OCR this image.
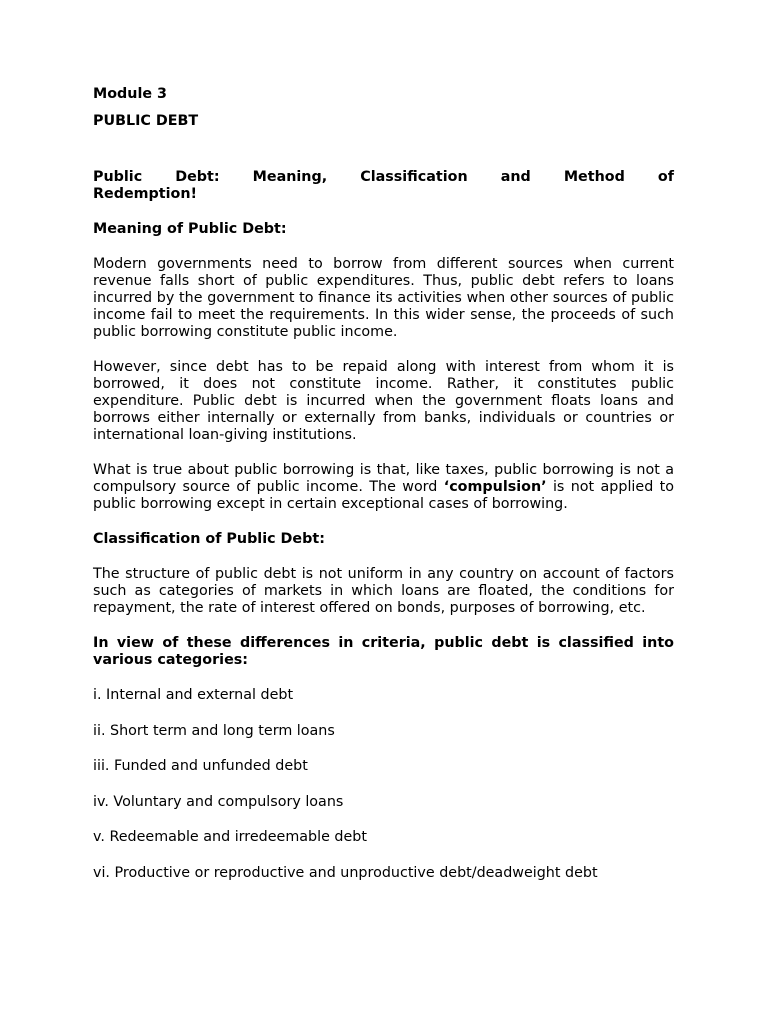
Module 3

PUBLIC DEBT

Public Debt: Meaning, Classification and Method of
Redemption!

Meaning of Public Debt:

Modern governments need to borrow from different sources when current revenue falls short of public expenditures. Thus, public debt refers to loans incurred by the government to finance its activities when other sources of public income fail to meet the requirements. In this wider sense, the proceeds of such public borrowing constitute public income.

However, since debt has to be repaid along with interest from whom it is borrowed, it does not constitute income. Rather, it constitutes public expenditure. Public debt is incurred when the government floats loans and borrows either internally or externally from banks, individuals or countries or international loan-giving institutions.

What is true about public borrowing is that, like taxes, public borrowing is not a compulsory source of public income. The word ‘compulsion’ is not applied to public borrowing except in certain exceptional cases of borrowing.

Classification of Public Debt:

The structure of public debt is not uniform in any country on account of factors such as categories of markets in which loans are floated, the conditions for repayment, the rate of interest offered on bonds, purposes of borrowing, etc.

In view of these differences in criteria, public debt is classified into various categories:

i. Internal and external debt

ii. Short term and long term loans

iii. Funded and unfunded debt

iv. Voluntary and compulsory loans

v. Redeemable and irredeemable debt

vi. Productive or reproductive and unproductive debt/deadweight debt
